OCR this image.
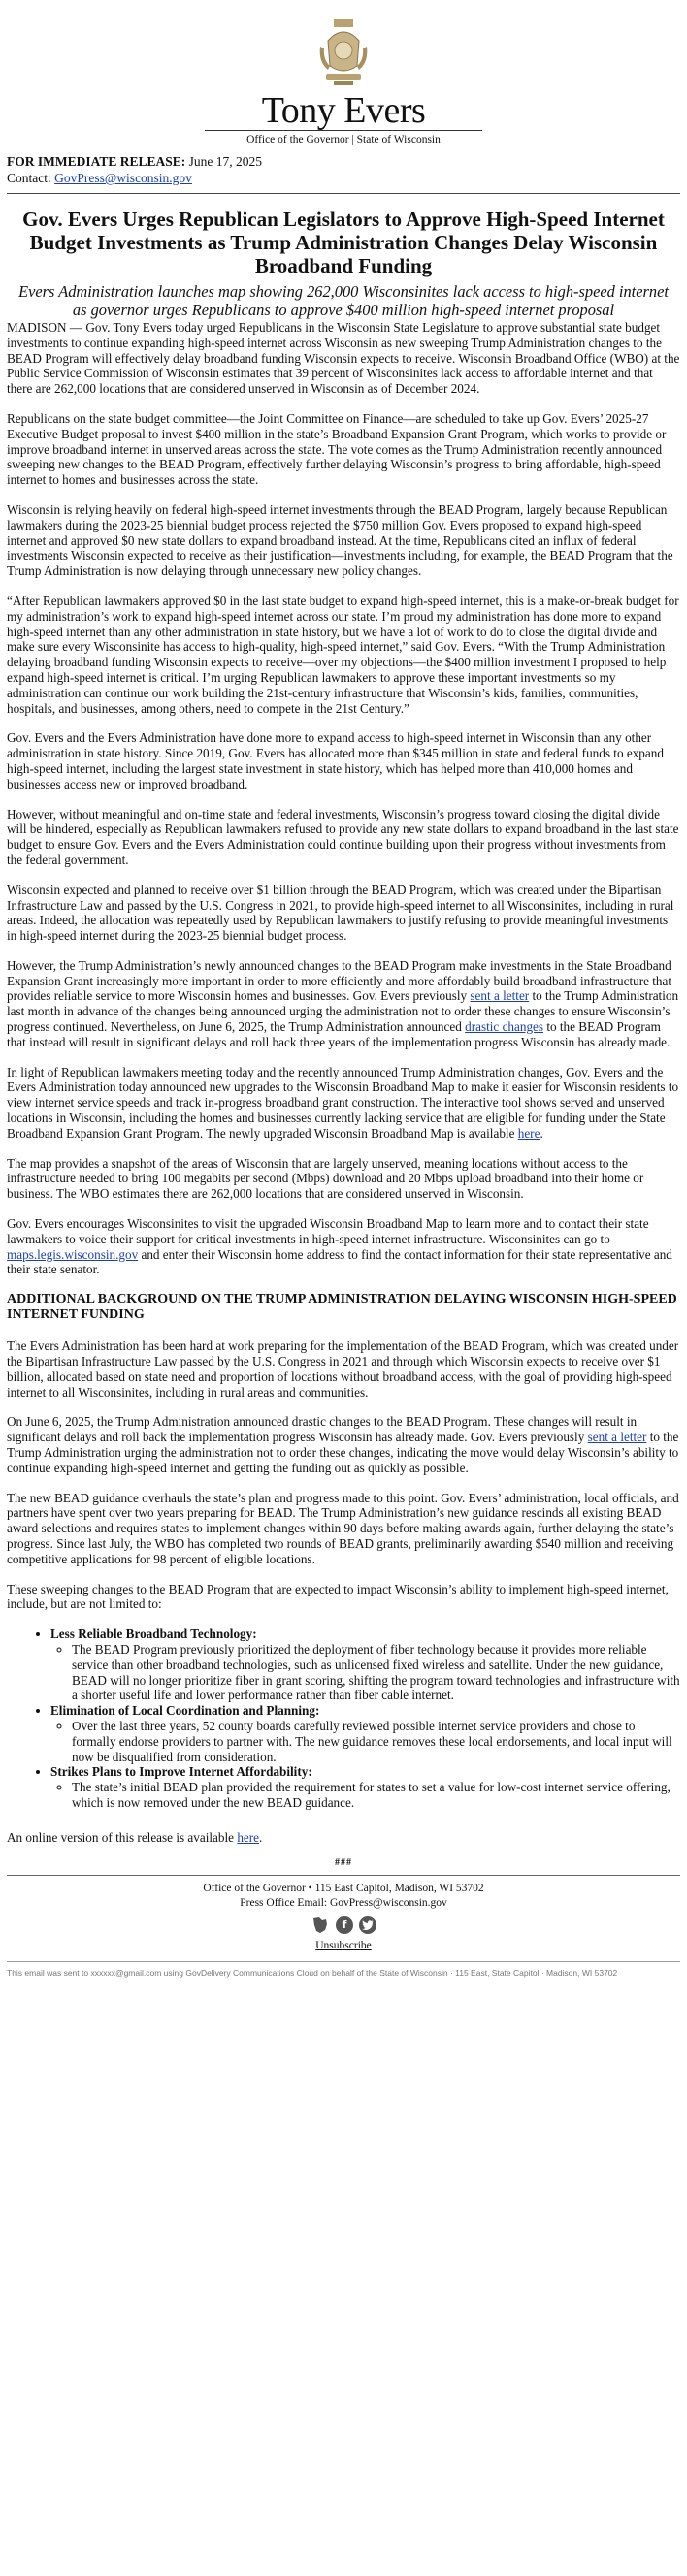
Tony Evers
Office of the Governor | State of Wisconsin
FOR IMMEDIATE RELEASE: June 17, 2025
Contact: GovPress@wisconsin.gov
Gov. Evers Urges Republican Legislators to Approve High-Speed Internet Budget Investments as Trump Administration Changes Delay Wisconsin Broadband Funding
Evers Administration launches map showing 262,000 Wisconsinites lack access to high-speed internet as governor urges Republicans to approve $400 million high-speed internet proposal

MADISON — Gov. Tony Evers today urged Republicans in the Wisconsin State Legislature to approve substantial state budget investments to continue expanding high-speed internet across Wisconsin as new sweeping Trump Administration changes to the BEAD Program will effectively delay broadband funding Wisconsin expects to receive. Wisconsin Broadband Office (WBO) at the Public Service Commission of Wisconsin estimates that 39 percent of Wisconsinites lack access to affordable internet and that there are 262,000 locations that are considered unserved in Wisconsin as of December 2024.

Republicans on the state budget committee—the Joint Committee on Finance—are scheduled to take up Gov. Evers’ 2025-27 Executive Budget proposal to invest $400 million in the state’s Broadband Expansion Grant Program, which works to provide or improve broadband internet in unserved areas across the state. The vote comes as the Trump Administration recently announced sweeping new changes to the BEAD Program, effectively further delaying Wisconsin’s progress to bring affordable, high-speed internet to homes and businesses across the state.

Wisconsin is relying heavily on federal high-speed internet investments through the BEAD Program, largely because Republican lawmakers during the 2023-25 biennial budget process rejected the $750 million Gov. Evers proposed to expand high-speed internet and approved $0 new state dollars to expand broadband instead. At the time, Republicans cited an influx of federal investments Wisconsin expected to receive as their justification—investments including, for example, the BEAD Program that the Trump Administration is now delaying through unnecessary new policy changes.

“After Republican lawmakers approved $0 in the last state budget to expand high-speed internet, this is a make-or-break budget for my administration’s work to expand high-speed internet across our state. I’m proud my administration has done more to expand high-speed internet than any other administration in state history, but we have a lot of work to do to close the digital divide and make sure every Wisconsinite has access to high-quality, high-speed internet,” said Gov. Evers. “With the Trump Administration delaying broadband funding Wisconsin expects to receive—over my objections—the $400 million investment I proposed to help expand high-speed internet is critical. I’m urging Republican lawmakers to approve these important investments so my administration can continue our work building the 21st-century infrastructure that Wisconsin’s kids, families, communities, hospitals, and businesses, among others, need to compete in the 21st Century.”

Gov. Evers and the Evers Administration have done more to expand access to high-speed internet in Wisconsin than any other administration in state history. Since 2019, Gov. Evers has allocated more than $345 million in state and federal funds to expand high-speed internet, including the largest state investment in state history, which has helped more than 410,000 homes and businesses access new or improved broadband.

However, without meaningful and on-time state and federal investments, Wisconsin’s progress toward closing the digital divide will be hindered, especially as Republican lawmakers refused to provide any new state dollars to expand broadband in the last state budget to ensure Gov. Evers and the Evers Administration could continue building upon their progress without investments from the federal government.

Wisconsin expected and planned to receive over $1 billion through the BEAD Program, which was created under the Bipartisan Infrastructure Law and passed by the U.S. Congress in 2021, to provide high-speed internet to all Wisconsinites, including in rural areas. Indeed, the allocation was repeatedly used by Republican lawmakers to justify refusing to provide meaningful investments in high-speed internet during the 2023-25 biennial budget process.

However, the Trump Administration’s newly announced changes to the BEAD Program make investments in the State Broadband Expansion Grant increasingly more important in order to more efficiently and more affordably build broadband infrastructure that provides reliable service to more Wisconsin homes and businesses. Gov. Evers previously sent a letter to the Trump Administration last month in advance of the changes being announced urging the administration not to order these changes to ensure Wisconsin’s progress continued. Nevertheless, on June 6, 2025, the Trump Administration announced drastic changes to the BEAD Program that instead will result in significant delays and roll back three years of the implementation progress Wisconsin has already made.

In light of Republican lawmakers meeting today and the recently announced Trump Administration changes, Gov. Evers and the Evers Administration today announced new upgrades to the Wisconsin Broadband Map to make it easier for Wisconsin residents to view internet service speeds and track in-progress broadband grant construction. The interactive tool shows served and unserved locations in Wisconsin, including the homes and businesses currently lacking service that are eligible for funding under the State Broadband Expansion Grant Program. The newly upgraded Wisconsin Broadband Map is available here.

The map provides a snapshot of the areas of Wisconsin that are largely unserved, meaning locations without access to the infrastructure needed to bring 100 megabits per second (Mbps) download and 20 Mbps upload broadband into their home or business. The WBO estimates there are 262,000 locations that are considered unserved in Wisconsin.

Gov. Evers encourages Wisconsinites to visit the upgraded Wisconsin Broadband Map to learn more and to contact their state lawmakers to voice their support for critical investments in high-speed internet infrastructure. Wisconsinites can go to maps.legis.wisconsin.gov and enter their Wisconsin home address to find the contact information for their state representative and their state senator.

ADDITIONAL BACKGROUND ON THE TRUMP ADMINISTRATION DELAYING WISCONSIN HIGH-SPEED INTERNET FUNDING

The Evers Administration has been hard at work preparing for the implementation of the BEAD Program, which was created under the Bipartisan Infrastructure Law passed by the U.S. Congress in 2021 and through which Wisconsin expects to receive over $1 billion, allocated based on state need and proportion of locations without broadband access, with the goal of providing high-speed internet to all Wisconsinites, including in rural areas and communities.

On June 6, 2025, the Trump Administration announced drastic changes to the BEAD Program. These changes will result in significant delays and roll back the implementation progress Wisconsin has already made. Gov. Evers previously sent a letter to the Trump Administration urging the administration not to order these changes, indicating the move would delay Wisconsin’s ability to continue expanding high-speed internet and getting the funding out as quickly as possible.

The new BEAD guidance overhauls the state’s plan and progress made to this point. Gov. Evers’ administration, local officials, and partners have spent over two years preparing for BEAD. The Trump Administration’s new guidance rescinds all existing BEAD award selections and requires states to implement changes within 90 days before making awards again, further delaying the state’s progress. Since last July, the WBO has completed two rounds of BEAD grants, preliminarily awarding $540 million and receiving competitive applications for 98 percent of eligible locations.

These sweeping changes to the BEAD Program that are expected to impact Wisconsin’s ability to implement high-speed internet, include, but are not limited to:

• Less Reliable Broadband Technology:
◦ The BEAD Program previously prioritized the deployment of fiber technology because it provides more reliable service than other broadband technologies, such as unlicensed fixed wireless and satellite. Under the new guidance, BEAD will no longer prioritize fiber in grant scoring, shifting the program toward technologies and infrastructure with a shorter useful life and lower performance rather than fiber cable internet.
• Elimination of Local Coordination and Planning:
◦ Over the last three years, 52 county boards carefully reviewed possible internet service providers and chose to formally endorse providers to partner with. The new guidance removes these local endorsements, and local input will now be disqualified from consideration.
• Strikes Plans to Improve Internet Affordability:
◦ The state’s initial BEAD plan provided the requirement for states to set a value for low-cost internet service offering, which is now removed under the new BEAD guidance.
An online version of this release is available here.
###
Office of the Governor • 115 East Capitol, Madison, WI 53702
Press Office Email: GovPress@wisconsin.gov
f
Unsubscribe
This email was sent to xxxxxx@gmail.com using GovDelivery Communications Cloud on behalf of the State of Wisconsin · 115 East, State Capitol · Madison, WI 53702
